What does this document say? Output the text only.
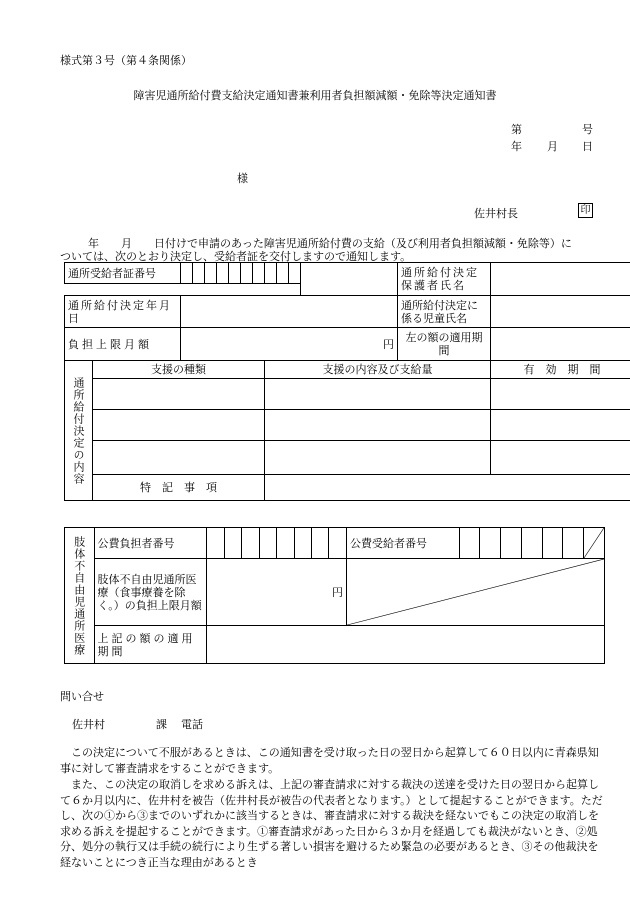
様式第３号（第４条関係）
障害児通所給付費支給決定通知書兼利用者負担額減額・免除等決定通知書
第	号
年 月 日
様
佐井村長	印
年　　月　　日付けで申請のあった障害児通所給付費の支給（及び利用者負担額減額・免除等）に
ついては、次のとおり決定し、受給者証を交付しますので通知します。
通所受給者証番号													通所給付決定保護者氏名	

通所給付決定年月日													通所給付決定に係る児童氏名	
負担上限月額		円											左の額の適用期間	
通所給付決定の内容	支援の種類								支援の内容及び支給量					有　効　期　間

	特　記　事　項													
肢体不自由児通所医療	公費負担者番号									公費受給者番号							

	肢体不自由児通所医療（食事療養を除く。）の負担上限月額	円	

	上記の額の適用期間																
問い合せ
佐井村	課 電話
この決定について不服があるときは、この通知書を受け取った日の翌日から起算して６０日以内に青森県知事に対して審査請求をすることができます。
また、この決定の取消しを求める訴えは、上記の審査請求に対する裁決の送達を受けた日の翌日から起算して６か月以内に、佐井村を被告（佐井村長が被告の代表者となります。）として提起することができます。ただし、次の①から③までのいずれかに該当するときは、審査請求に対する裁決を経ないでもこの決定の取消しを求める訴えを提起することができます。①審査請求があった日から３か月を経過しても裁決がないとき、②処分、処分の執行又は手続の続行により生ずる著しい損害を避けるため緊急の必要があるとき、③その他裁決を経ないことにつき正当な理由があるとき
